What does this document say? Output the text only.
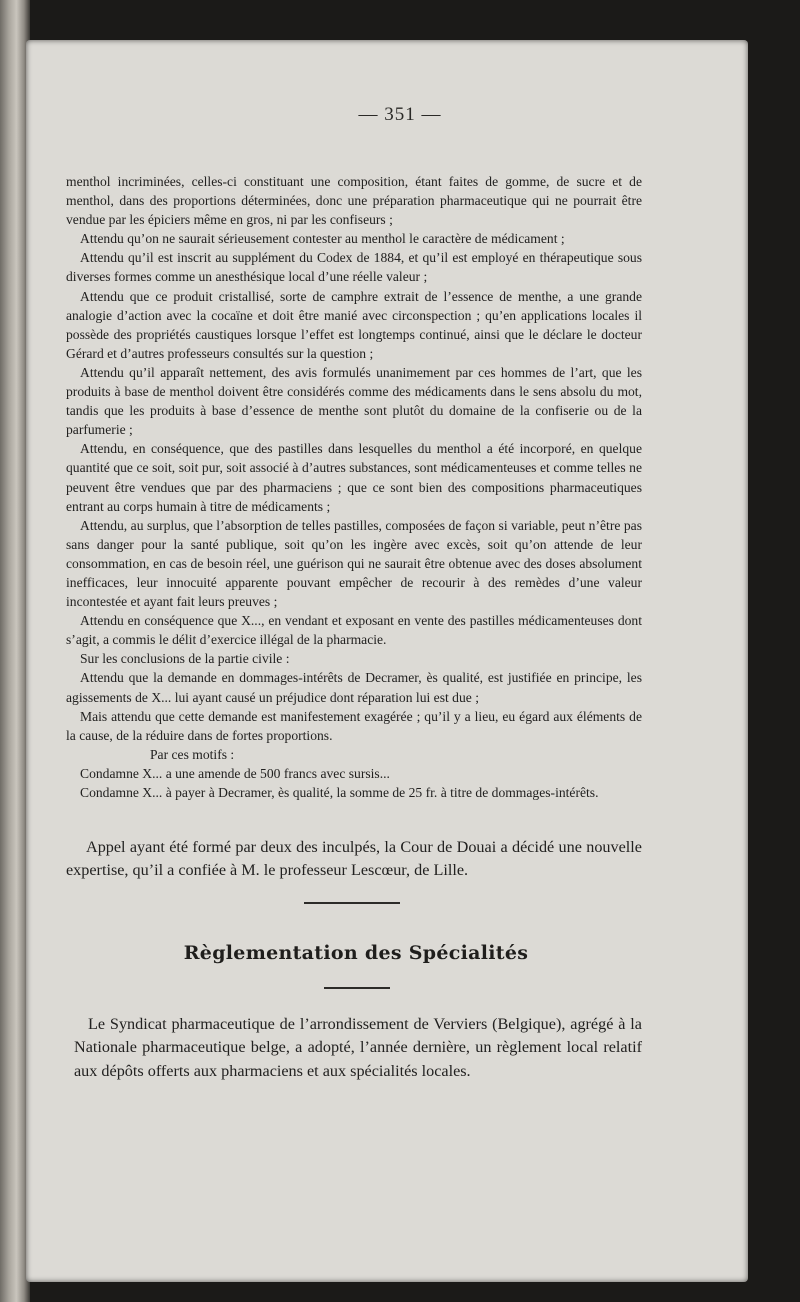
— 351 —

menthol incriminées, celles-ci constituant une composition, étant faites de gomme, de sucre et de menthol, dans des proportions déterminées, donc une préparation pharmaceutique qui ne pourrait être vendue par les épiciers même en gros, ni par les confiseurs ;

Attendu qu’on ne saurait sérieusement contester au menthol le caractère de médicament ;

Attendu qu’il est inscrit au supplément du Codex de 1884, et qu’il est employé en thérapeutique sous diverses formes comme un anesthésique local d’une réelle valeur ;

Attendu que ce produit cristallisé, sorte de camphre extrait de l’essence de menthe, a une grande analogie d’action avec la cocaïne et doit être manié avec circonspection ; qu’en applications locales il possède des propriétés caustiques lorsque l’effet est longtemps continué, ainsi que le déclare le docteur Gérard et d’autres professeurs consultés sur la question ;

Attendu qu’il apparaît nettement, des avis formulés unanimement par ces hommes de l’art, que les produits à base de menthol doivent être considérés comme des médicaments dans le sens absolu du mot, tandis que les produits à base d’essence de menthe sont plutôt du domaine de la confiserie ou de la parfumerie ;

Attendu, en conséquence, que des pastilles dans lesquelles du menthol a été incorporé, en quelque quantité que ce soit, soit pur, soit associé à d’autres substances, sont médicamenteuses et comme telles ne peuvent être vendues que par des pharmaciens ; que ce sont bien des compositions pharmaceutiques entrant au corps humain à titre de médicaments ;

Attendu, au surplus, que l’absorption de telles pastilles, composées de façon si variable, peut n’être pas sans danger pour la santé publique, soit qu’on les ingère avec excès, soit qu’on attende de leur consommation, en cas de besoin réel, une guérison qui ne saurait être obtenue avec des doses absolument inefficaces, leur innocuité apparente pouvant empêcher de recourir à des remèdes d’une valeur incontestée et ayant fait leurs preuves ;

Attendu en conséquence que X..., en vendant et exposant en vente des pastilles médicamenteuses dont s’agit, a commis le délit d’exercice illégal de la pharmacie.

Sur les conclusions de la partie civile :

Attendu que la demande en dommages-intérêts de Decramer, ès qualité, est justifiée en principe, les agissements de X... lui ayant causé un préjudice dont réparation lui est due ;

Mais attendu que cette demande est manifestement exagérée ; qu’il y a lieu, eu égard aux éléments de la cause, de la réduire dans de fortes proportions.

Par ces motifs :

Condamne X... a une amende de 500 francs avec sursis...

Condamne X... à payer à Decramer, ès qualité, la somme de 25 fr. à titre de dommages-intérêts.

Appel ayant été formé par deux des inculpés, la Cour de Douai a décidé une nouvelle expertise, qu’il a confiée à M. le professeur Lescœur, de Lille.
Règlementation des Spécialités
Le Syndicat pharmaceutique de l’arrondissement de Verviers (Belgique), agrégé à la Nationale pharmaceutique belge, a adopté, l’année dernière, un règlement local relatif aux dépôts offerts aux pharmaciens et aux spécialités locales.
